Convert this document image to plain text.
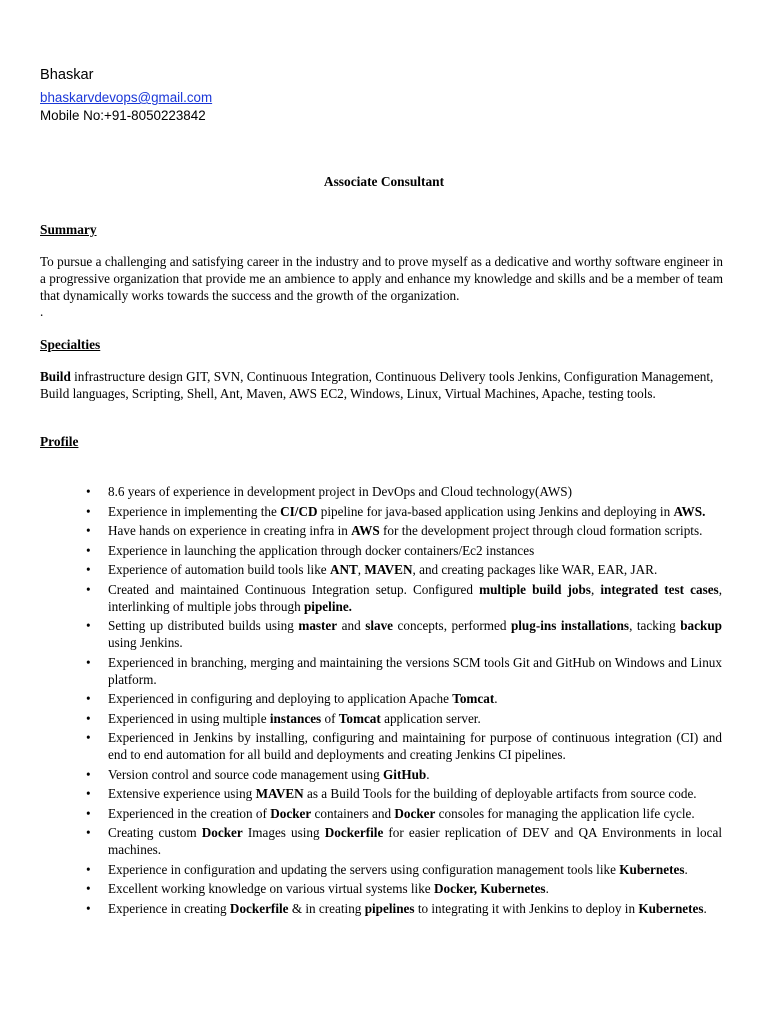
Bhaskar
bhaskarvdevops@gmail.com
Mobile No:+91-8050223842
Associate Consultant
Summary
To pursue a challenging and satisfying career in the industry and to prove myself as a dedicative and worthy software engineer in a progressive organization that provide me an ambience to apply and enhance my knowledge and skills and be a member of team that dynamically works towards the success and the growth of the organization.
.
Specialties
Build infrastructure design GIT, SVN, Continuous Integration, Continuous Delivery tools Jenkins, Configuration Management, Build languages, Scripting, Shell, Ant, Maven, AWS EC2, Windows, Linux, Virtual Machines, Apache, testing tools.
Profile
• 8.6 years of experience in development project in DevOps and Cloud technology(AWS)
• Experience in implementing the CI/CD pipeline for java-based application using Jenkins and deploying in AWS.
• Have hands on experience in creating infra in AWS for the development project through cloud formation scripts.
• Experience in launching the application through docker containers/Ec2 instances
• Experience of automation build tools like ANT, MAVEN, and creating packages like WAR, EAR, JAR.
• Created and maintained Continuous Integration setup. Configured multiple build jobs, integrated test cases, interlinking of multiple jobs through pipeline.
• Setting up distributed builds using master and slave concepts, performed plug-ins installations, tacking backup using Jenkins.
• Experienced in branching, merging and maintaining the versions SCM tools Git and GitHub on Windows and Linux platform.
• Experienced in configuring and deploying to application Apache Tomcat.
• Experienced in using multiple instances of Tomcat application server.
• Experienced in Jenkins by installing, configuring and maintaining for purpose of continuous integration (CI) and end to end automation for all build and deployments and creating Jenkins CI pipelines.
• Version control and source code management using GitHub.
• Extensive experience using MAVEN as a Build Tools for the building of deployable artifacts from source code.
• Experienced in the creation of Docker containers and Docker consoles for managing the application life cycle.
• Creating custom Docker Images using Dockerfile for easier replication of DEV and QA Environments in local machines.
• Experience in configuration and updating the servers using configuration management tools like Kubernetes.
• Excellent working knowledge on various virtual systems like Docker, Kubernetes.
• Experience in creating Dockerfile & in creating pipelines to integrating it with Jenkins to deploy in Kubernetes.
